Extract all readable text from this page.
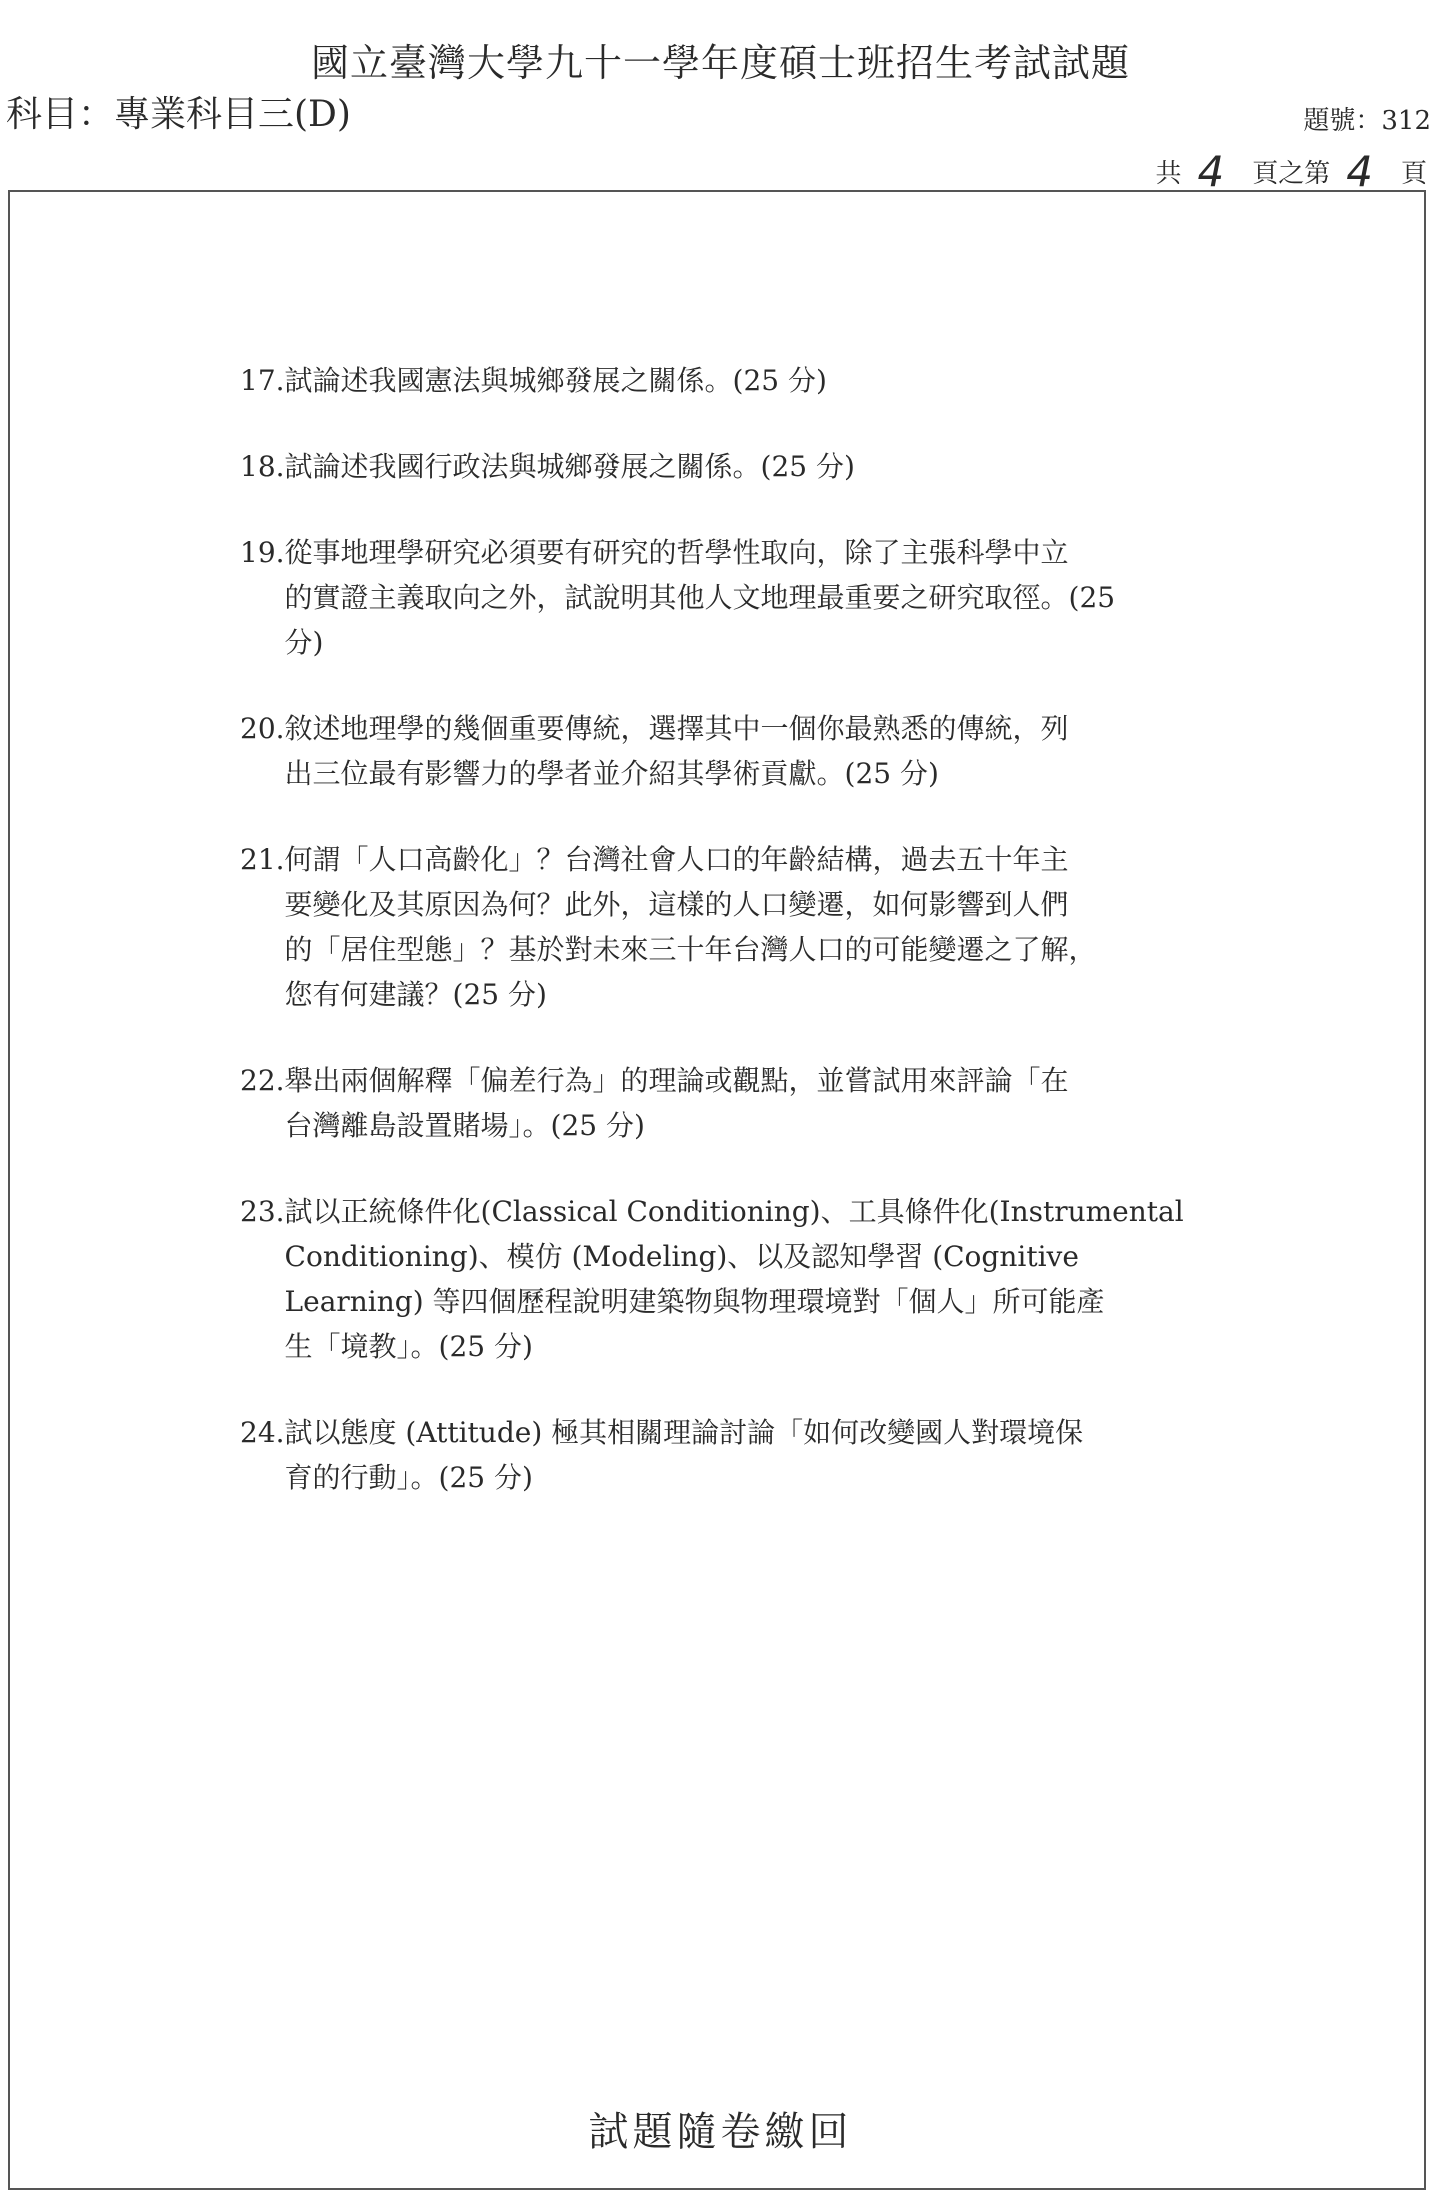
國立臺灣大學九十一學年度碩士班招生考試試題
科目：專業科目三(D)	題號：312
共 4 頁之第 4 頁
17. 試論述我國憲法與城鄉發展之關係。(25 分)
18. 試論述我國行政法與城鄉發展之關係。(25 分)
19. 從事地理學研究必須要有研究的哲學性取向，除了主張科學中立
的實證主義取向之外，試說明其他人文地理最重要之研究取徑。(25
分)
20. 敘述地理學的幾個重要傳統，選擇其中一個你最熟悉的傳統，列
出三位最有影響力的學者並介紹其學術貢獻。(25 分)
21. 何謂「人口高齡化」？台灣社會人口的年齡結構，過去五十年主
要變化及其原因為何？此外，這樣的人口變遷，如何影響到人們
的「居住型態」？基於對未來三十年台灣人口的可能變遷之了解，
您有何建議？(25 分)
22. 舉出兩個解釋「偏差行為」的理論或觀點，並嘗試用來評論「在
台灣離島設置賭場」。(25 分)
23. 試以正統條件化(Classical Conditioning)、工具條件化(Instrumental
Conditioning)、模仿 (Modeling)、以及認知學習 (Cognitive
Learning) 等四個歷程說明建築物與物理環境對「個人」所可能產
生「境教」。(25 分)
24. 試以態度 (Attitude) 極其相關理論討論「如何改變國人對環境保
育的行動」。(25 分)
試題隨卷繳回
